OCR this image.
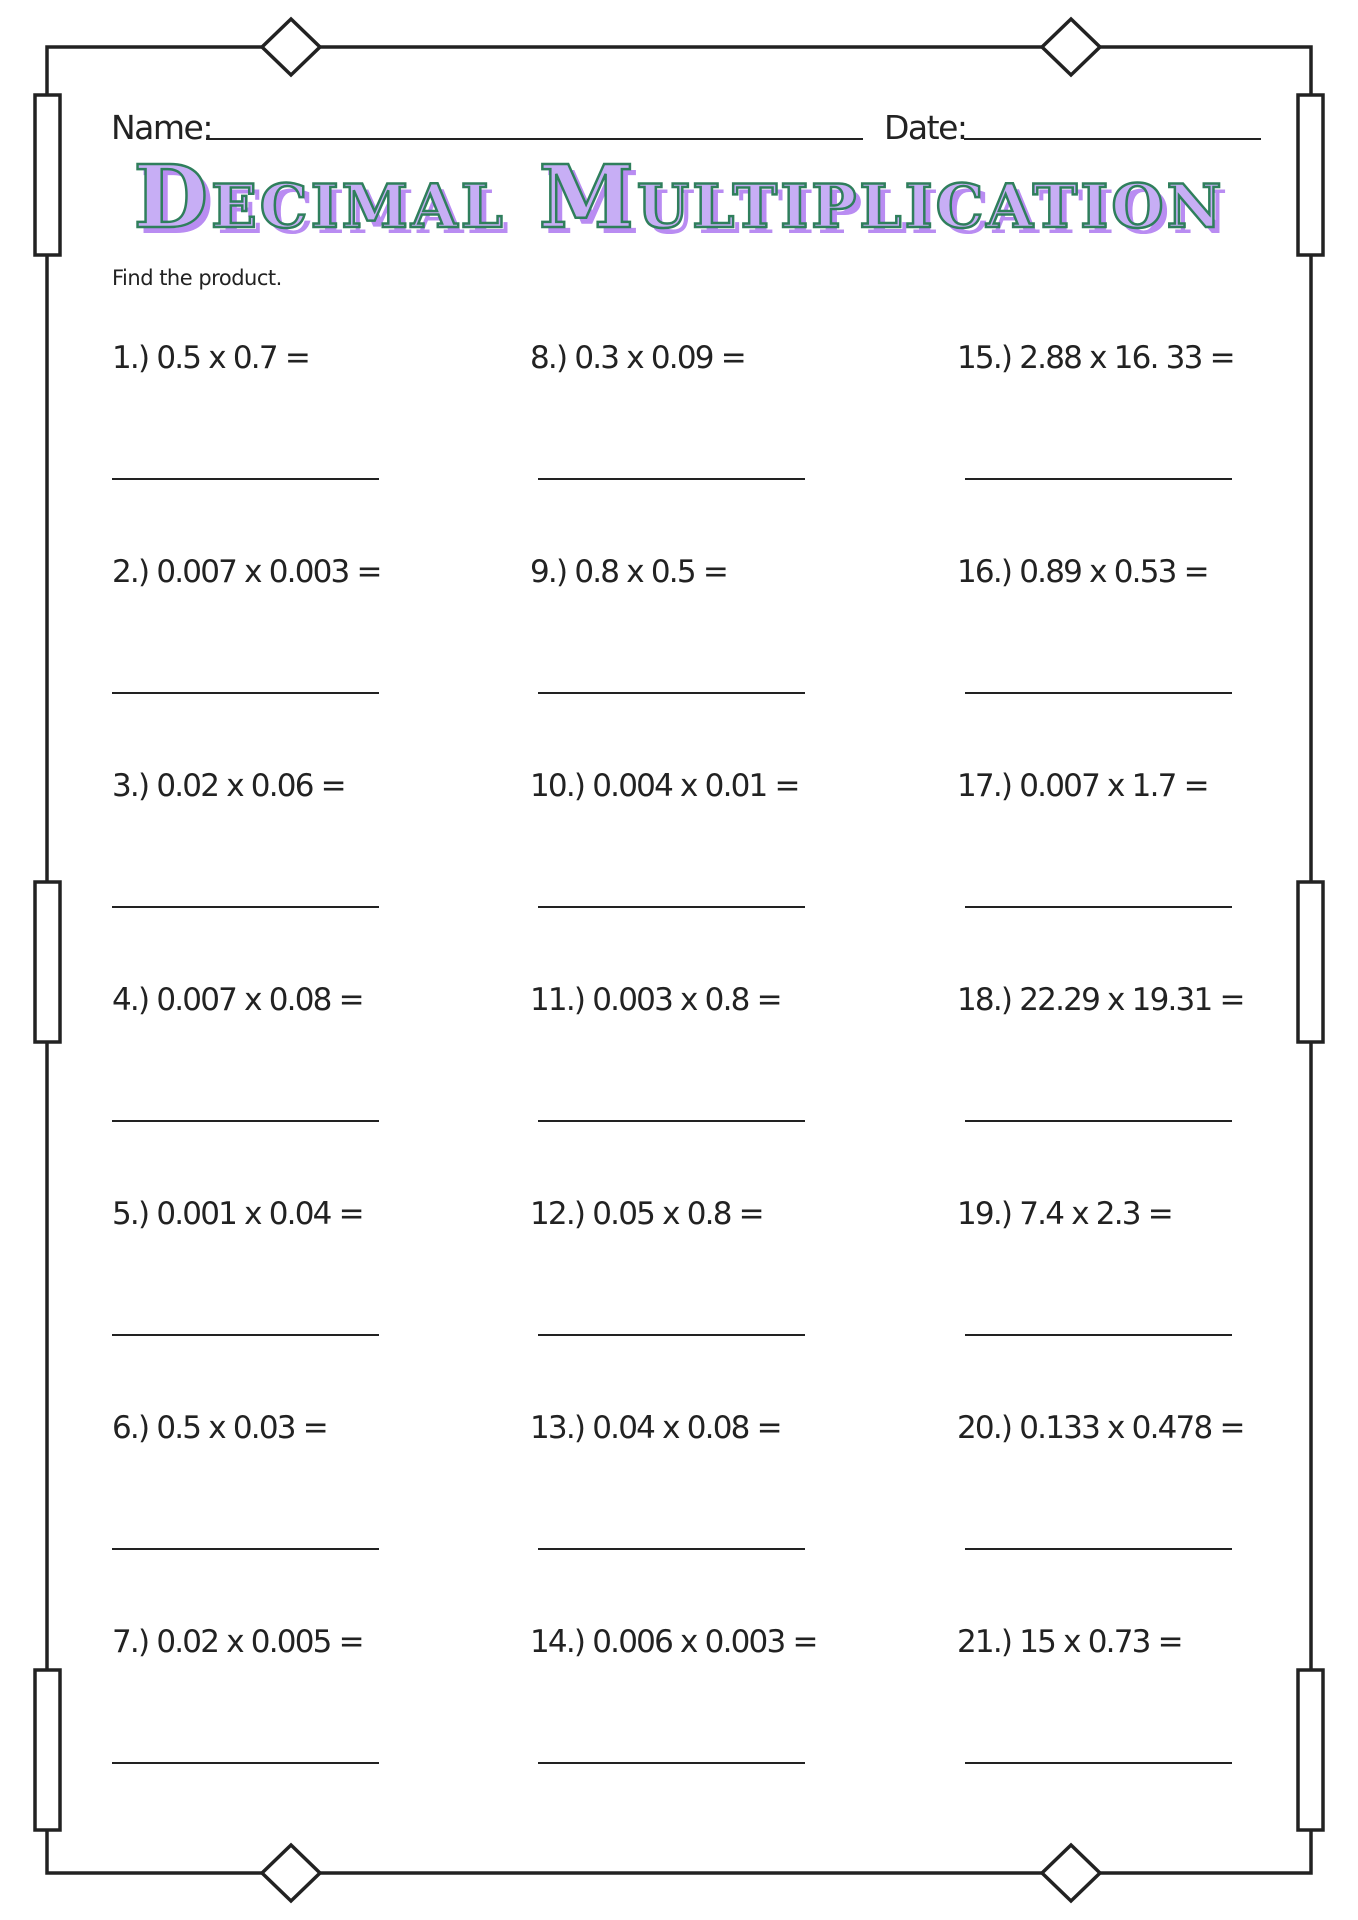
Name:	Date:
Decimal Multiplication
Find the product.
1.) 0.5 x 0.7 =
2.) 0.007 x 0.003 =
3.) 0.02 x 0.06 =
4.) 0.007 x 0.08 =
5.) 0.001 x 0.04 =
6.) 0.5 x 0.03 =
7.) 0.02 x 0.005 =
8.) 0.3 x 0.09 =
9.) 0.8 x 0.5 =
10.) 0.004 x 0.01 =
11.) 0.003 x 0.8 =
12.) 0.05 x 0.8 =
13.) 0.04 x 0.08 =
14.) 0.006 x 0.003 =
15.) 2.88 x 16. 33 =
16.) 0.89 x 0.53 =
17.) 0.007 x 1.7 =
18.) 22.29 x 19.31 =
19.) 7.4 x 2.3 =
20.) 0.133 x 0.478 =
21.) 15 x 0.73 =
